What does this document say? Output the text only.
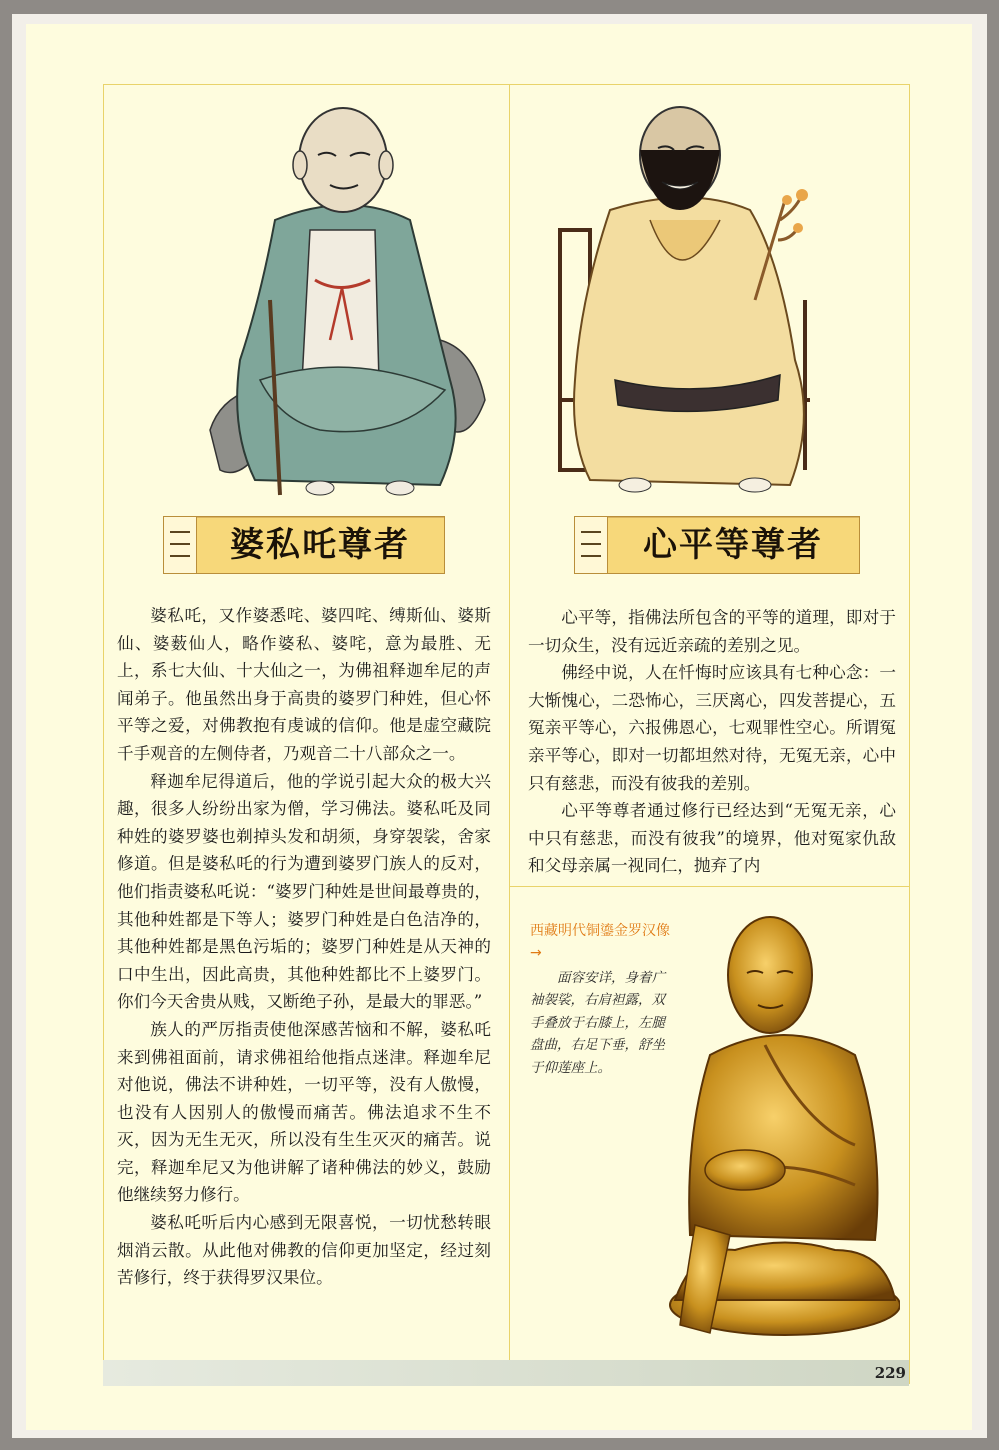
婆私吒尊者	心平等尊者

婆私吒，又作婆悉咤、婆四咤、缚斯仙、婆斯仙、婆薮仙人，略作婆私、婆咤，意为最胜、无上，系七大仙、十大仙之一，为佛祖释迦牟尼的声闻弟子。他虽然出身于高贵的婆罗门种姓，但心怀平等之爱，对佛教抱有虔诚的信仰。他是虚空藏院千手观音的左侧侍者，乃观音二十八部众之一。

释迦牟尼得道后，他的学说引起大众的极大兴趣，很多人纷纷出家为僧，学习佛法。婆私吒及同种姓的婆罗婆也剃掉头发和胡须，身穿袈裟，舍家修道。但是婆私吒的行为遭到婆罗门族人的反对，他们指责婆私吒说：“婆罗门种姓是世间最尊贵的，其他种姓都是下等人；婆罗门种姓是白色洁净的，其他种姓都是黑色污垢的；婆罗门种姓是从天神的口中生出，因此高贵，其他种姓都比不上婆罗门。你们今天舍贵从贱，又断绝子孙，是最大的罪恶。”

族人的严厉指责使他深感苦恼和不解，婆私吒来到佛祖面前，请求佛祖给他指点迷津。释迦牟尼对他说，佛法不讲种姓，一切平等，没有人傲慢，也没有人因别人的傲慢而痛苦。佛法追求不生不灭，因为无生无灭，所以没有生生灭灭的痛苦。说完，释迦牟尼又为他讲解了诸种佛法的妙义，鼓励他继续努力修行。

婆私吒听后内心感到无限喜悦，一切忧愁转眼烟消云散。从此他对佛教的信仰更加坚定，经过刻苦修行，终于获得罗汉果位。

心平等，指佛法所包含的平等的道理，即对于一切众生，没有远近亲疏的差别之见。

佛经中说，人在忏悔时应该具有七种心念：一大惭愧心，二恐怖心，三厌离心，四发菩提心，五冤亲平等心，六报佛恩心，七观罪性空心。所谓冤亲平等心，即对一切都坦然对待，无冤无亲，心中只有慈悲，而没有彼我的差别。

心平等尊者通过修行已经达到“无冤无亲，心中只有慈悲，而没有彼我”的境界，他对冤家仇敌和父母亲属一视同仁，抛弃了内

西藏明代铜鎏金罗汉像 →
面容安详，身着广袖袈裟，右肩袒露，双手叠放于右膝上，左腿盘曲，右足下垂，舒坐于仰莲座上。
229
